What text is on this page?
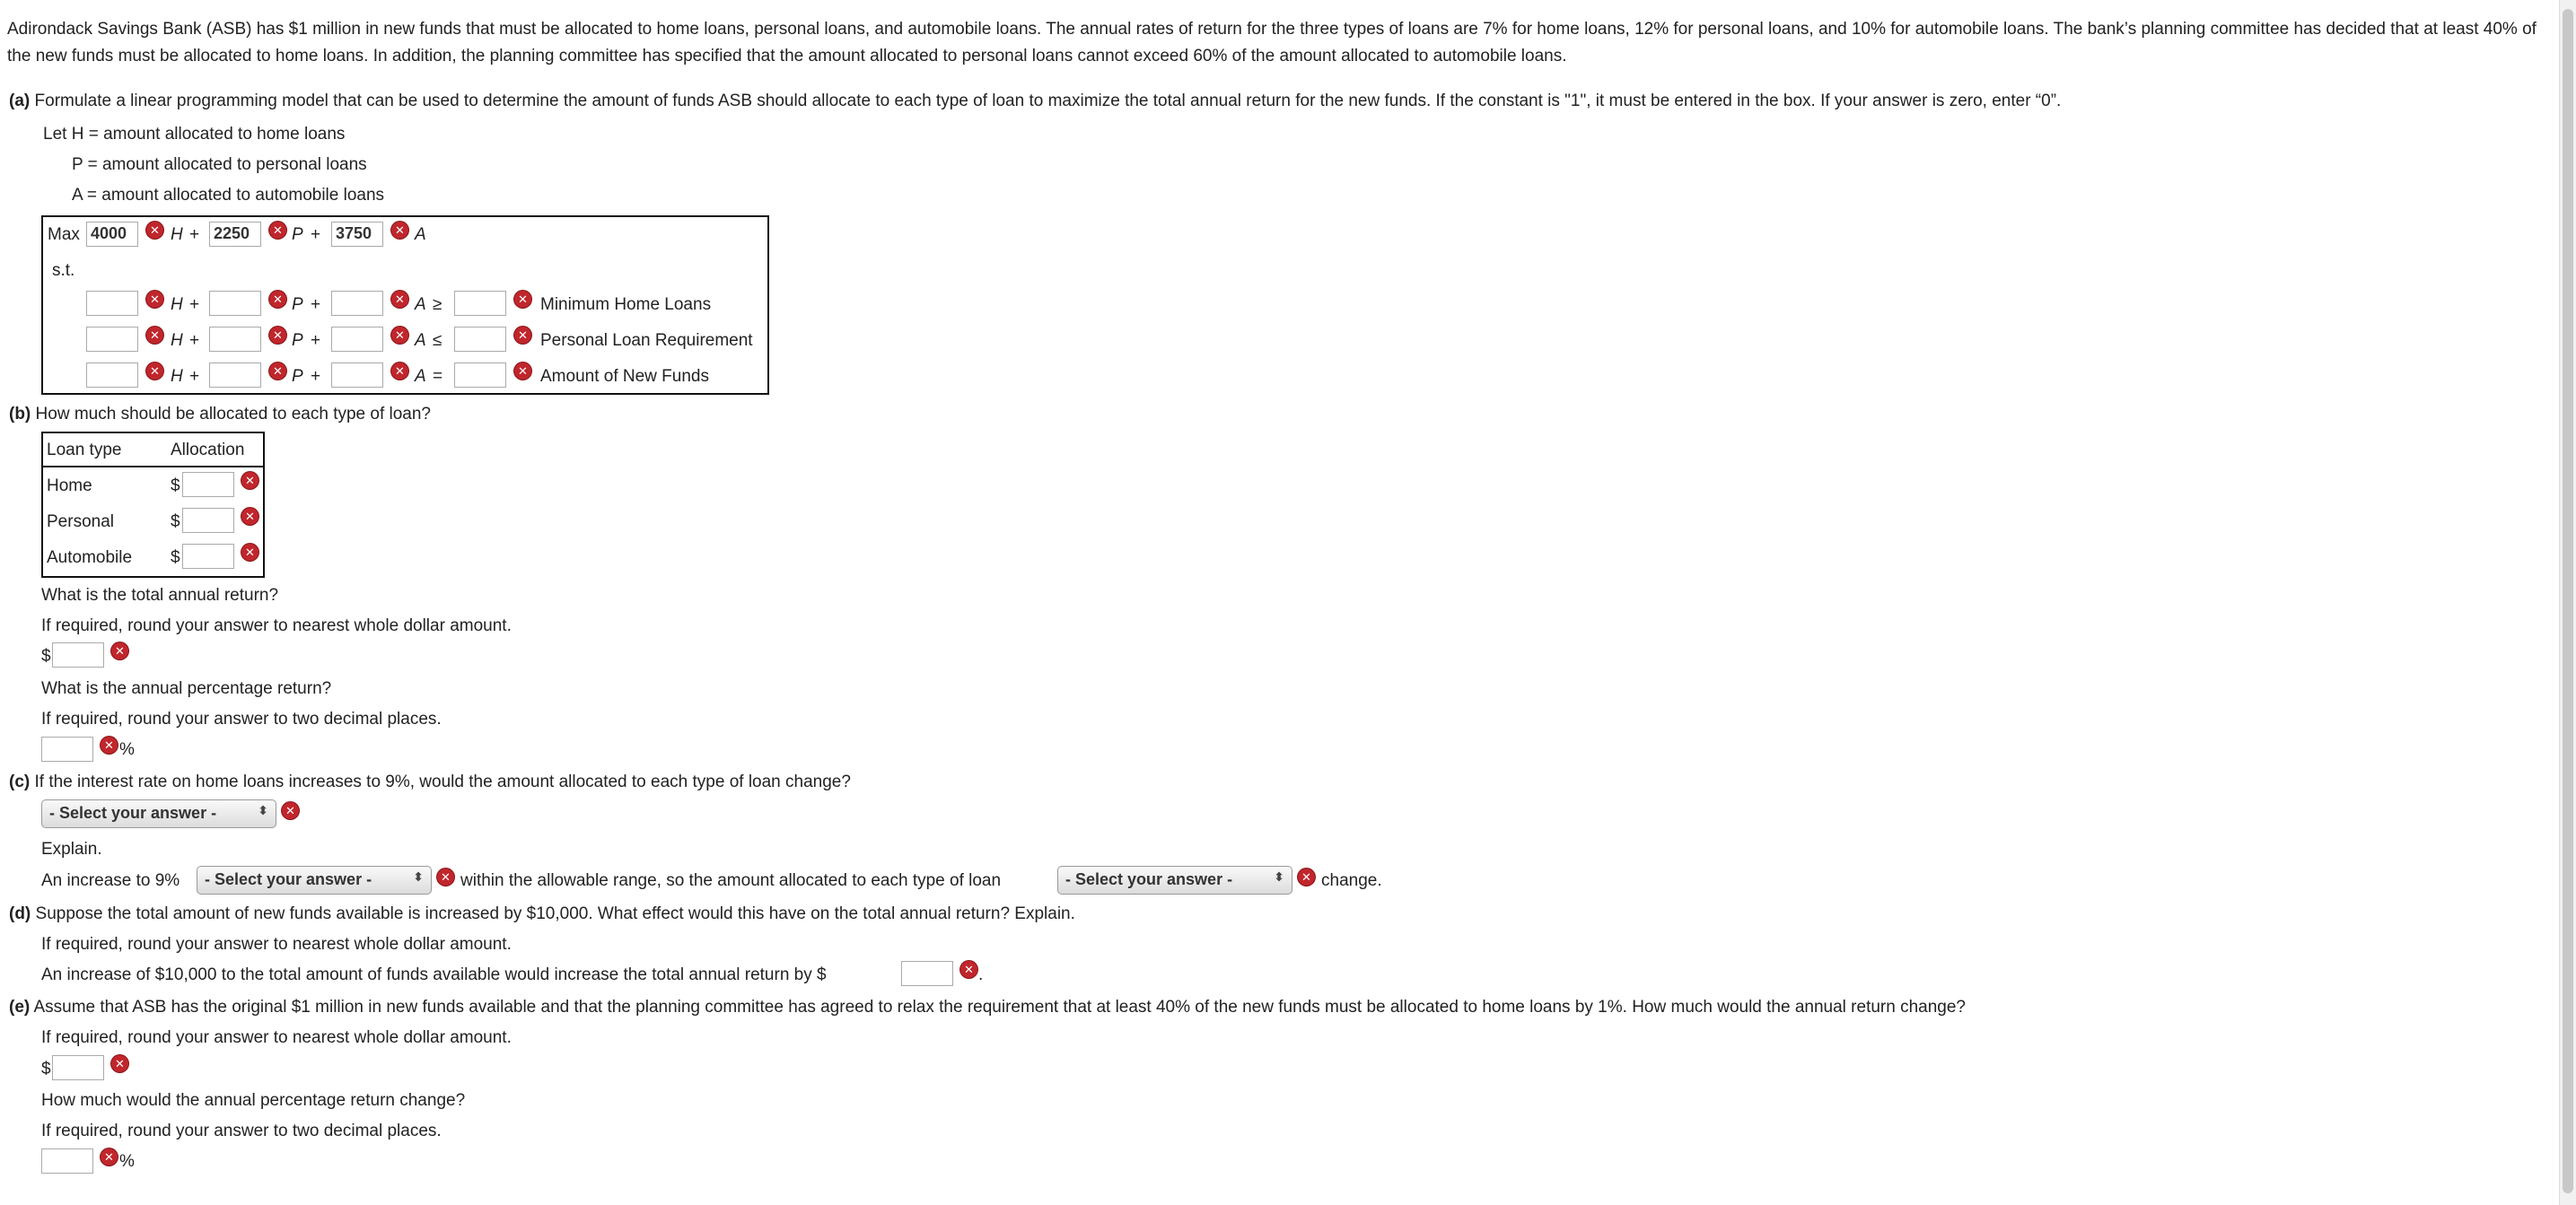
Adirondack Savings Bank (ASB) has $1 million in new funds that must be allocated to home loans, personal loans, and automobile loans. The annual rates of return for the three types of loans are 7% for home loans, 12% for personal loans, and 10% for automobile loans. The bank’s planning committee has decided that at least 40% of the new funds must be allocated to home loans. In addition, the planning committee has specified that the amount allocated to personal loans cannot exceed 60% of the amount allocated to automobile loans.
(a) Formulate a linear programming model that can be used to determine the amount of funds ASB should allocate to each type of loan to maximize the total annual return for the new funds. If the constant is "1", it must be entered in the box. If your answer is zero, enter “0”.
Let H = amount allocated to home loans
P = amount allocated to personal loans
A = amount allocated to automobile loans
Max 4000	✕ H + 2250	✕ P + 3750	✕ A
s.t.
✕ H +	✕ P +	✕ A ≥	✕ Minimum Home Loans
✕ H +	✕ P +	✕ A ≤	✕ Personal Loan Requirement
✕ H +	✕ P +	✕ A =	✕ Amount of New Funds
(b) How much should be allocated to each type of loan?
Loan type	Allocation
Home	$	✕
Personal	$	✕
Automobile $	✕
What is the total annual return?
If required, round your answer to nearest whole dollar amount.
$	✕
What is the annual percentage return?
If required, round your answer to two decimal places.
✕ %
(c) If the interest rate on home loans increases to 9%, would the amount allocated to each type of loan change?
- Select your answer -	⬍	✕
Explain.
An increase to 9%	- Select your answer -	⬍	✕ within the allowable range, so the amount allocated to each type of loan	- Select your answer -	⬍	✕ change.
(d) Suppose the total amount of new funds available is increased by $10,000. What effect would this have on the total annual return? Explain.
If required, round your answer to nearest whole dollar amount.
An increase of $10,000 to the total amount of funds available would increase the total annual return by $	✕ .
(e) Assume that ASB has the original $1 million in new funds available and that the planning committee has agreed to relax the requirement that at least 40% of the new funds must be allocated to home loans by 1%. How much would the annual return change?
If required, round your answer to nearest whole dollar amount.
$	✕
How much would the annual percentage return change?
If required, round your answer to two decimal places.
✕ %
